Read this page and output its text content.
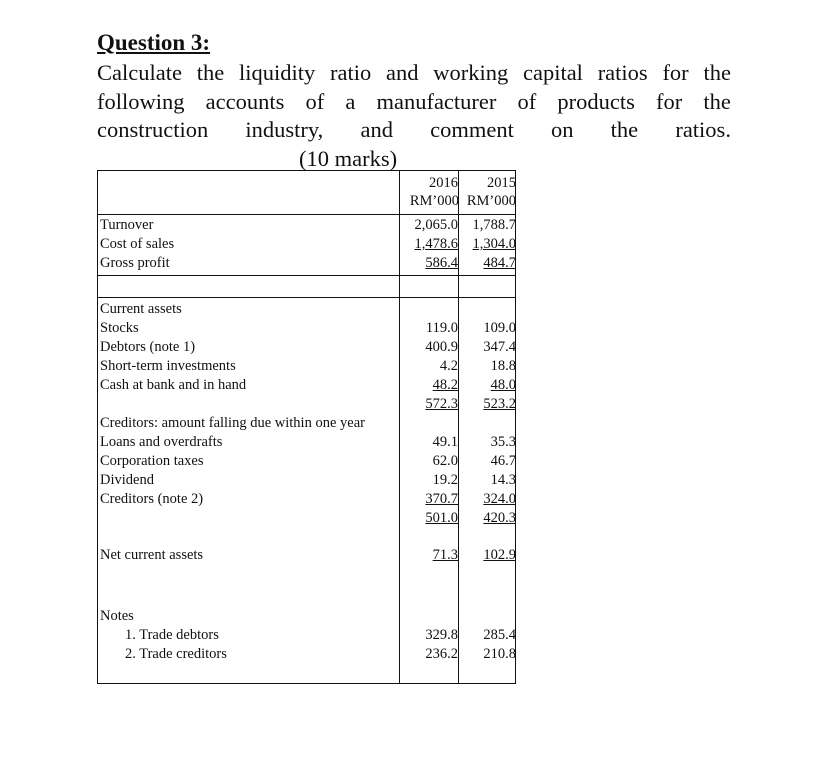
Question 3:
Calculate the liquidity ratio and working capital ratios for the
following accounts of a manufacturer of products for the
construction industry, and comment on the ratios.
(10 marks)
2016 2015
RM’000 RM’000
Turnover	2,065.0 1,788.7
Cost of sales	1,478.6 1,304.0
Gross profit	586.4 484.7
Current assets
Stocks	119.0 109.0
Debtors (note 1)	400.9 347.4
Short-term investments	4.2 18.8
Cash at bank and in hand	48.2 48.0
572.3 523.2
Creditors: amount falling due within one year
Loans and overdrafts	49.1 35.3
Corporation taxes	62.0 46.7
Dividend	19.2 14.3
Creditors (note 2)	370.7 324.0
501.0 420.3
Net current assets	71.3 102.9
Notes
1. Trade debtors	329.8 285.4
2. Trade creditors	236.2 210.8
